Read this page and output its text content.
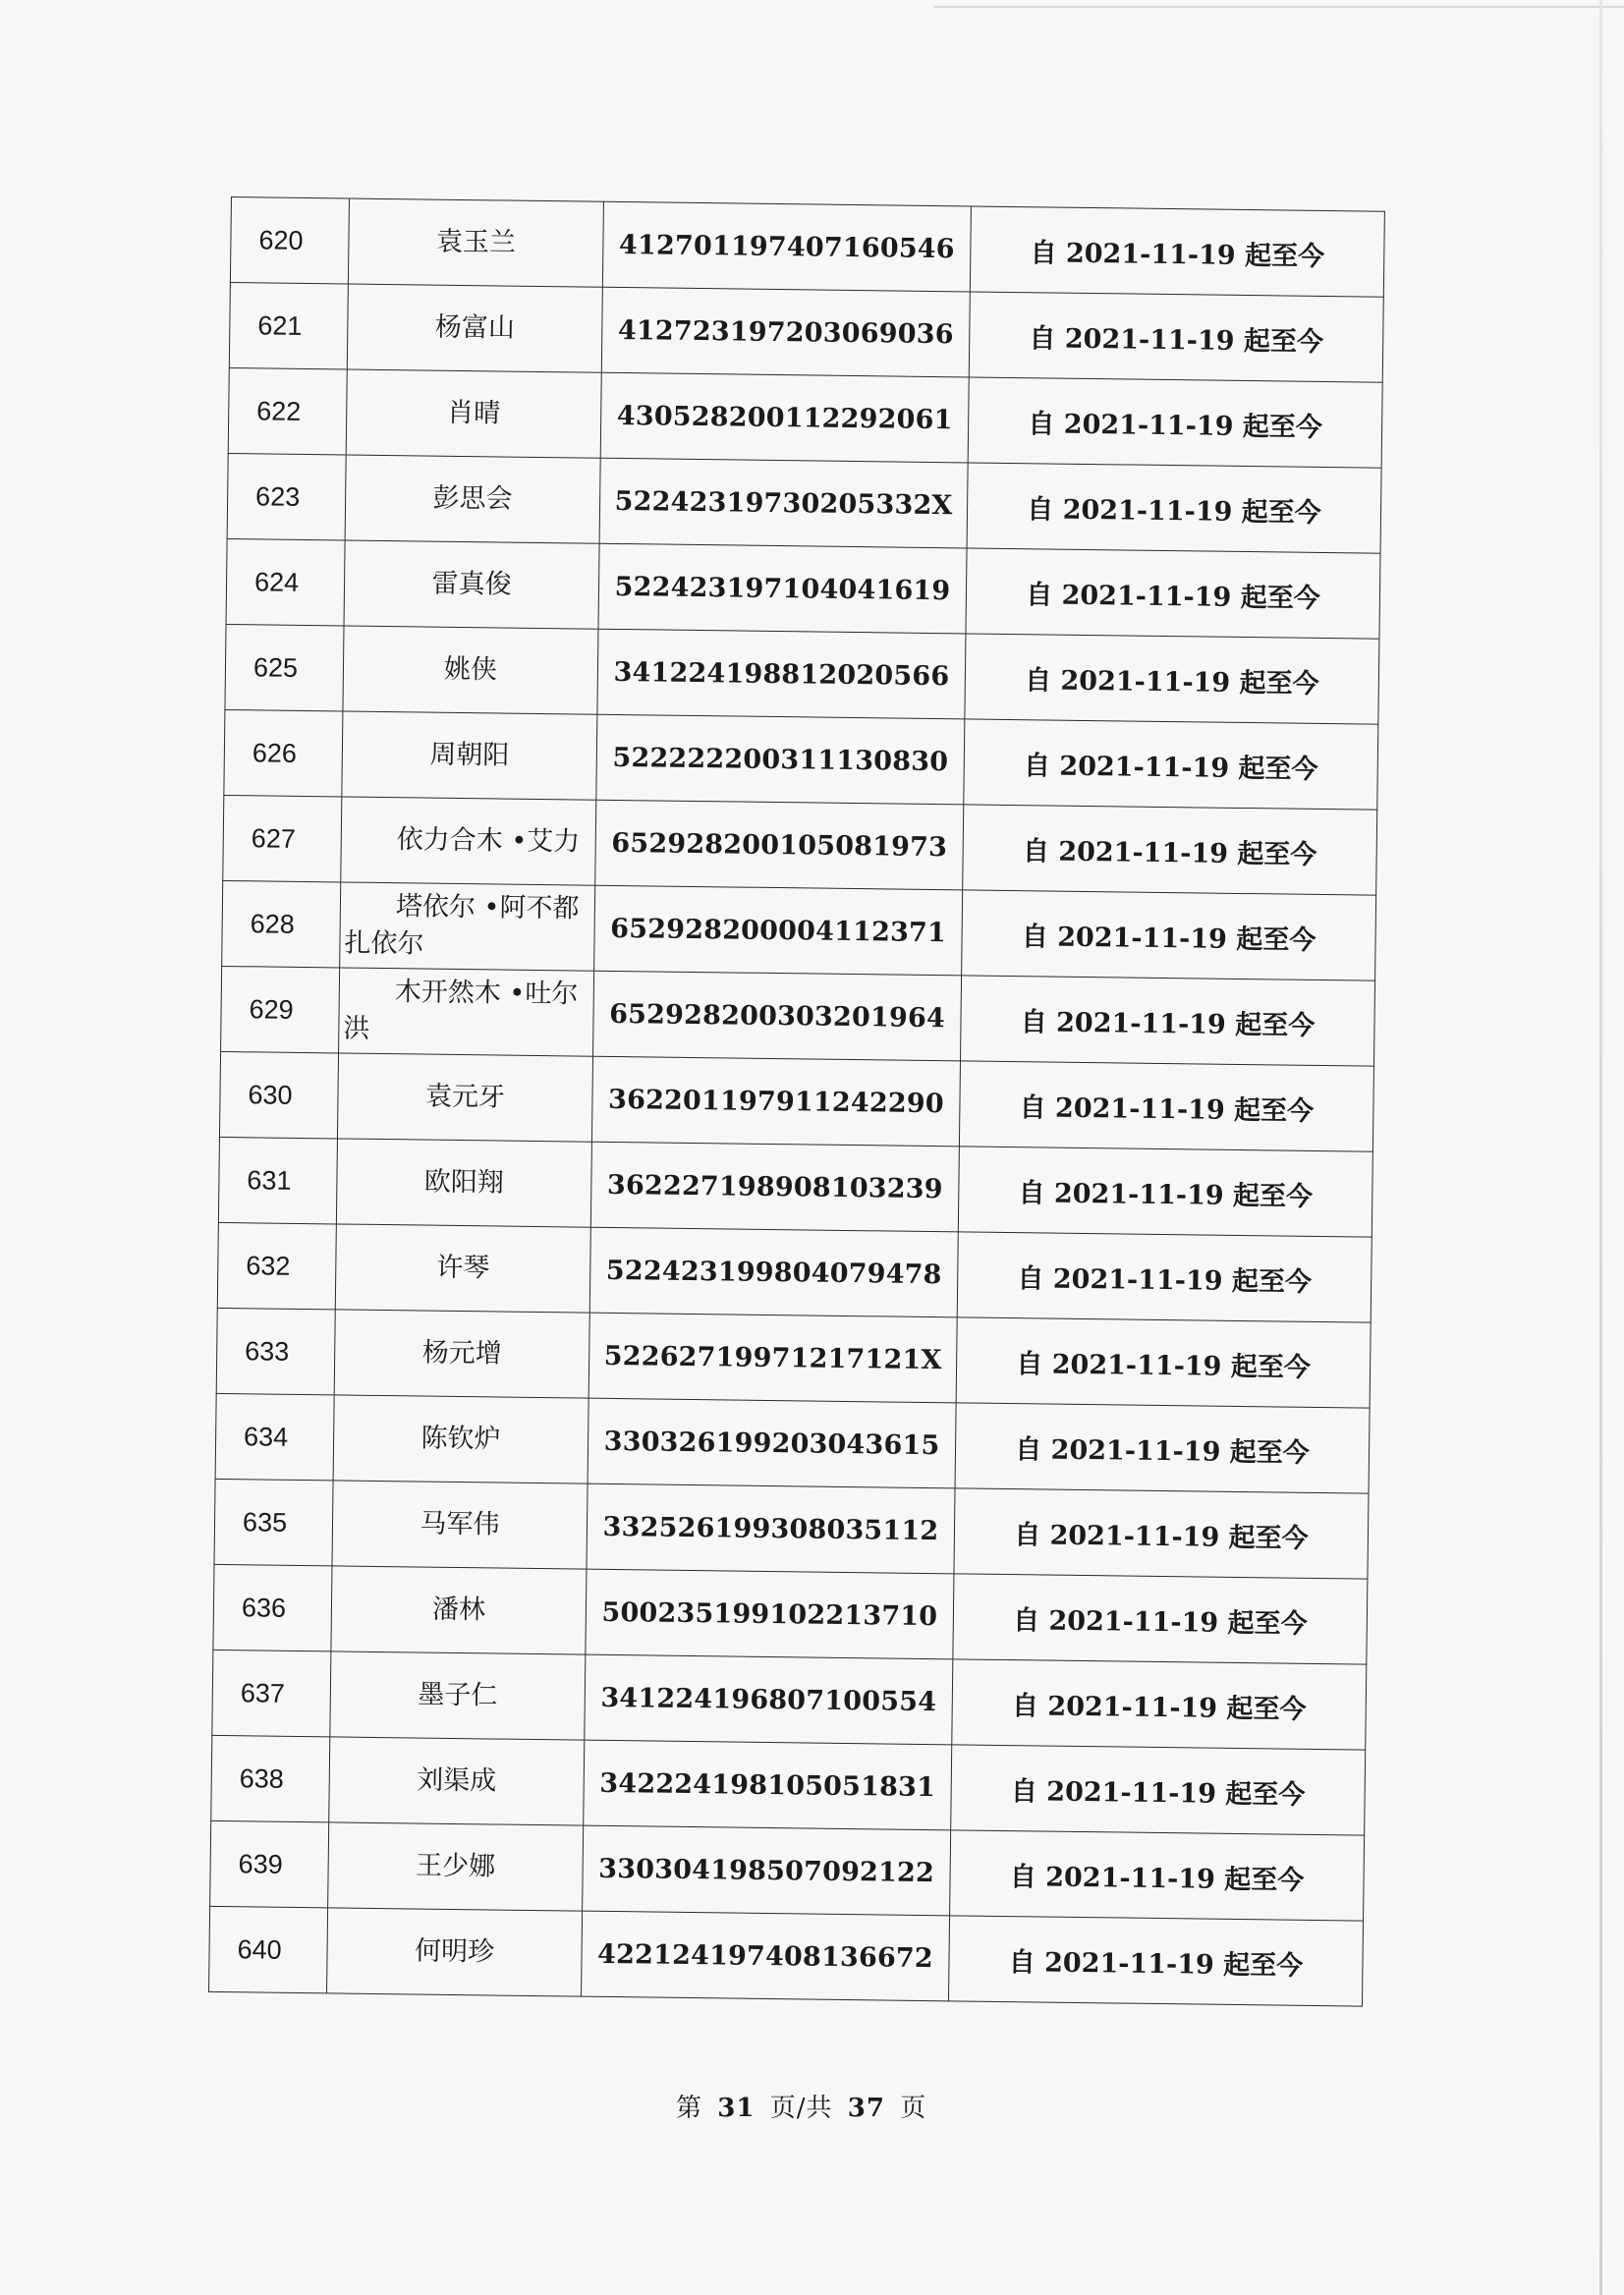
620	袁玉兰	412701197407160546	自 2021-11-19 起至今
621	杨富山	412723197203069036	自 2021-11-19 起至今
622	肖晴	430528200112292061	自 2021-11-19 起至今
623	彭思会	52242319730205332X	自 2021-11-19 起至今
624	雷真俊	522423197104041619	自 2021-11-19 起至今
625	姚侠	341224198812020566	自 2021-11-19 起至今
626	周朝阳	522222200311130830	自 2021-11-19 起至今
627	依力合木 •艾力	652928200105081973	自 2021-11-19 起至今
628	塔依尔 •阿不都扎依尔	652928200004112371	自 2021-11-19 起至今
629	木开然木 •吐尔洪	652928200303201964	自 2021-11-19 起至今
630	袁元牙	362201197911242290	自 2021-11-19 起至今
631	欧阳翔	362227198908103239	自 2021-11-19 起至今
632	许琴	522423199804079478	自 2021-11-19 起至今
633	杨元增	52262719971217121X	自 2021-11-19 起至今
634	陈钦炉	330326199203043615	自 2021-11-19 起至今
635	马军伟	332526199308035112	自 2021-11-19 起至今
636	潘林	500235199102213710	自 2021-11-19 起至今
637	墨子仁	341224196807100554	自 2021-11-19 起至今
638	刘渠成	342224198105051831	自 2021-11-19 起至今
639	王少娜	330304198507092122	自 2021-11-19 起至今
640	何明珍	422124197408136672	自 2021-11-19 起至今
第 31 页/共 37 页
